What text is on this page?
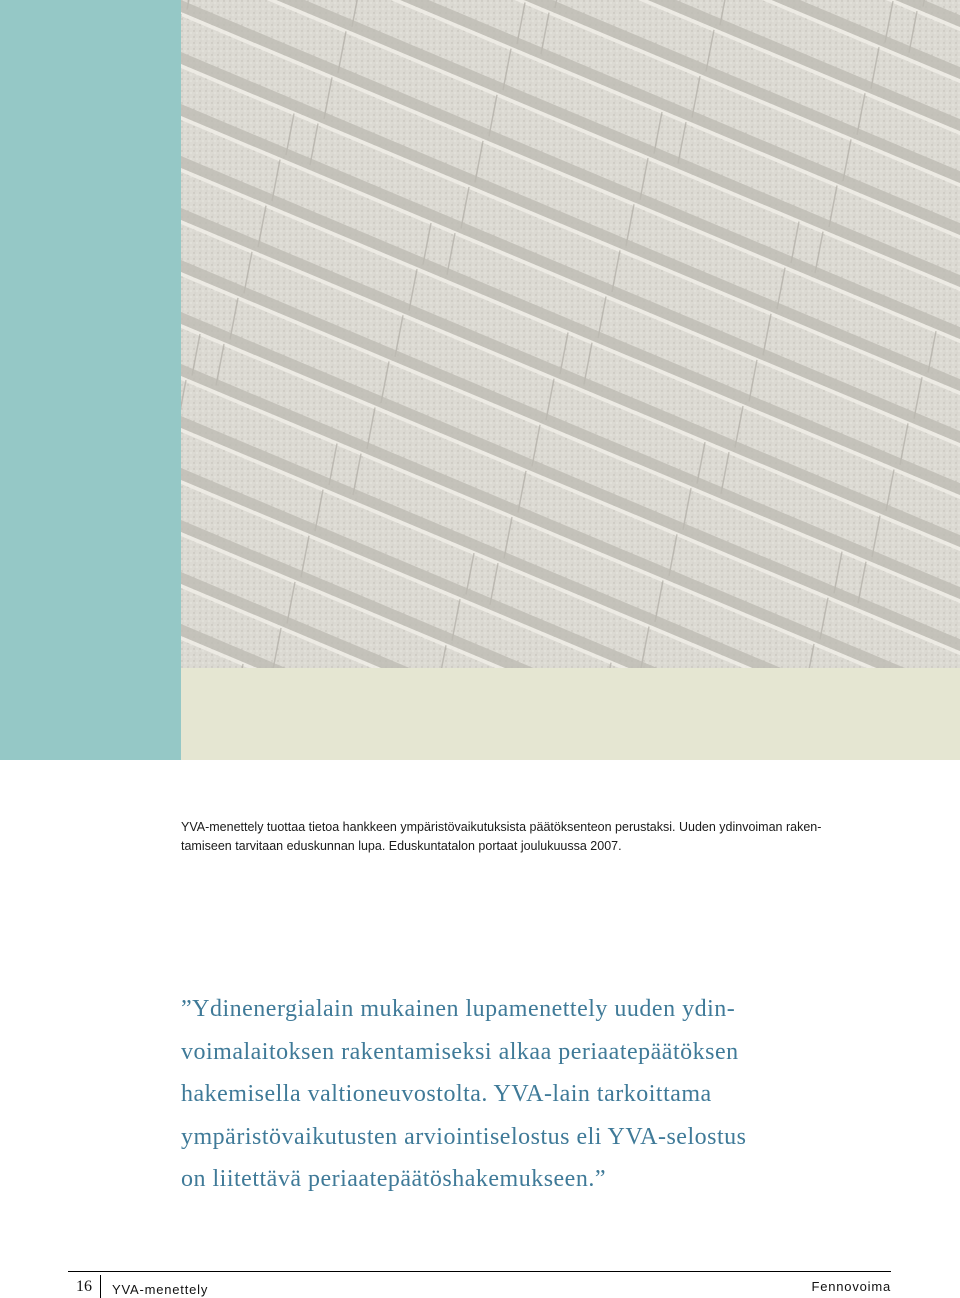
YVA-menettely tuottaa tietoa hankkeen ympäristövaikutuksista päätöksenteon perustaksi. Uuden ydinvoiman raken-
tamiseen tarvitaan eduskunnan lupa. Eduskuntatalon portaat joulukuussa 2007.
”Ydinenergialain mukainen lupamenettely uuden ydin-
voimalaitoksen rakentamiseksi alkaa periaatepäätöksen
hakemisella valtioneuvostolta. YVA-lain tarkoittama
ympäristövaikutusten arviointiselostus eli YVA-selostus
on liitettävä periaatepäätöshakemukseen.”
16 YVA-menettely	Fennovoima
